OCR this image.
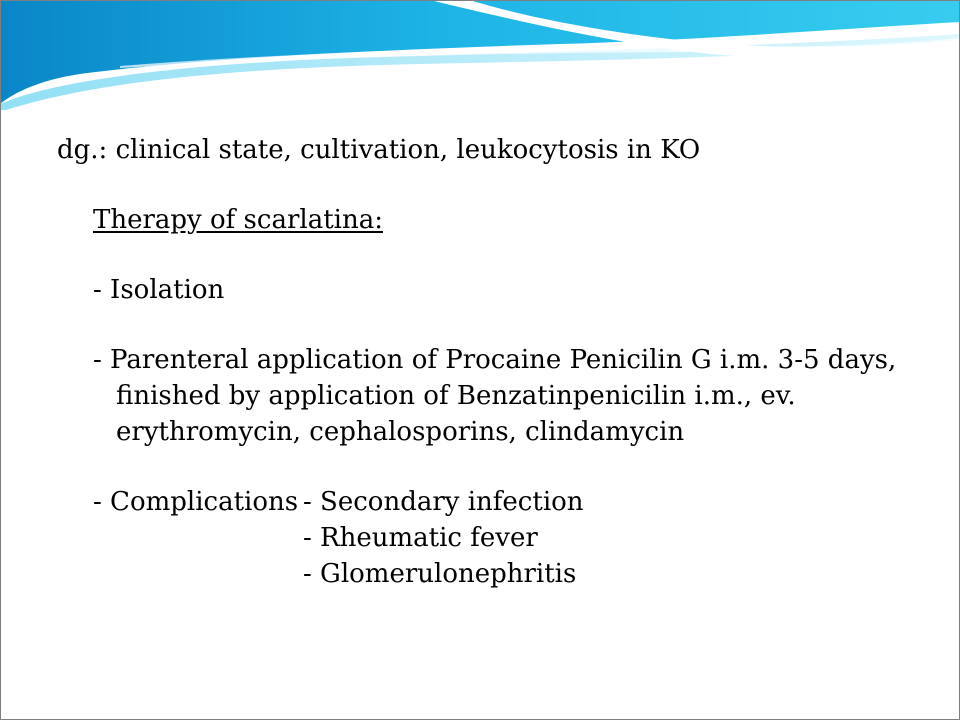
dg.: clinical state, cultivation, leukocytosis in KO
Therapy of scarlatina:
- Isolation
- Parenteral application of Procaine Penicilin G i.m. 3-5 days,
finished by application of Benzatinpenicilin i.m., ev.
erythromycin, cephalosporins, clindamycin
- Complications - Secondary infection
- Rheumatic fever
- Glomerulonephritis
